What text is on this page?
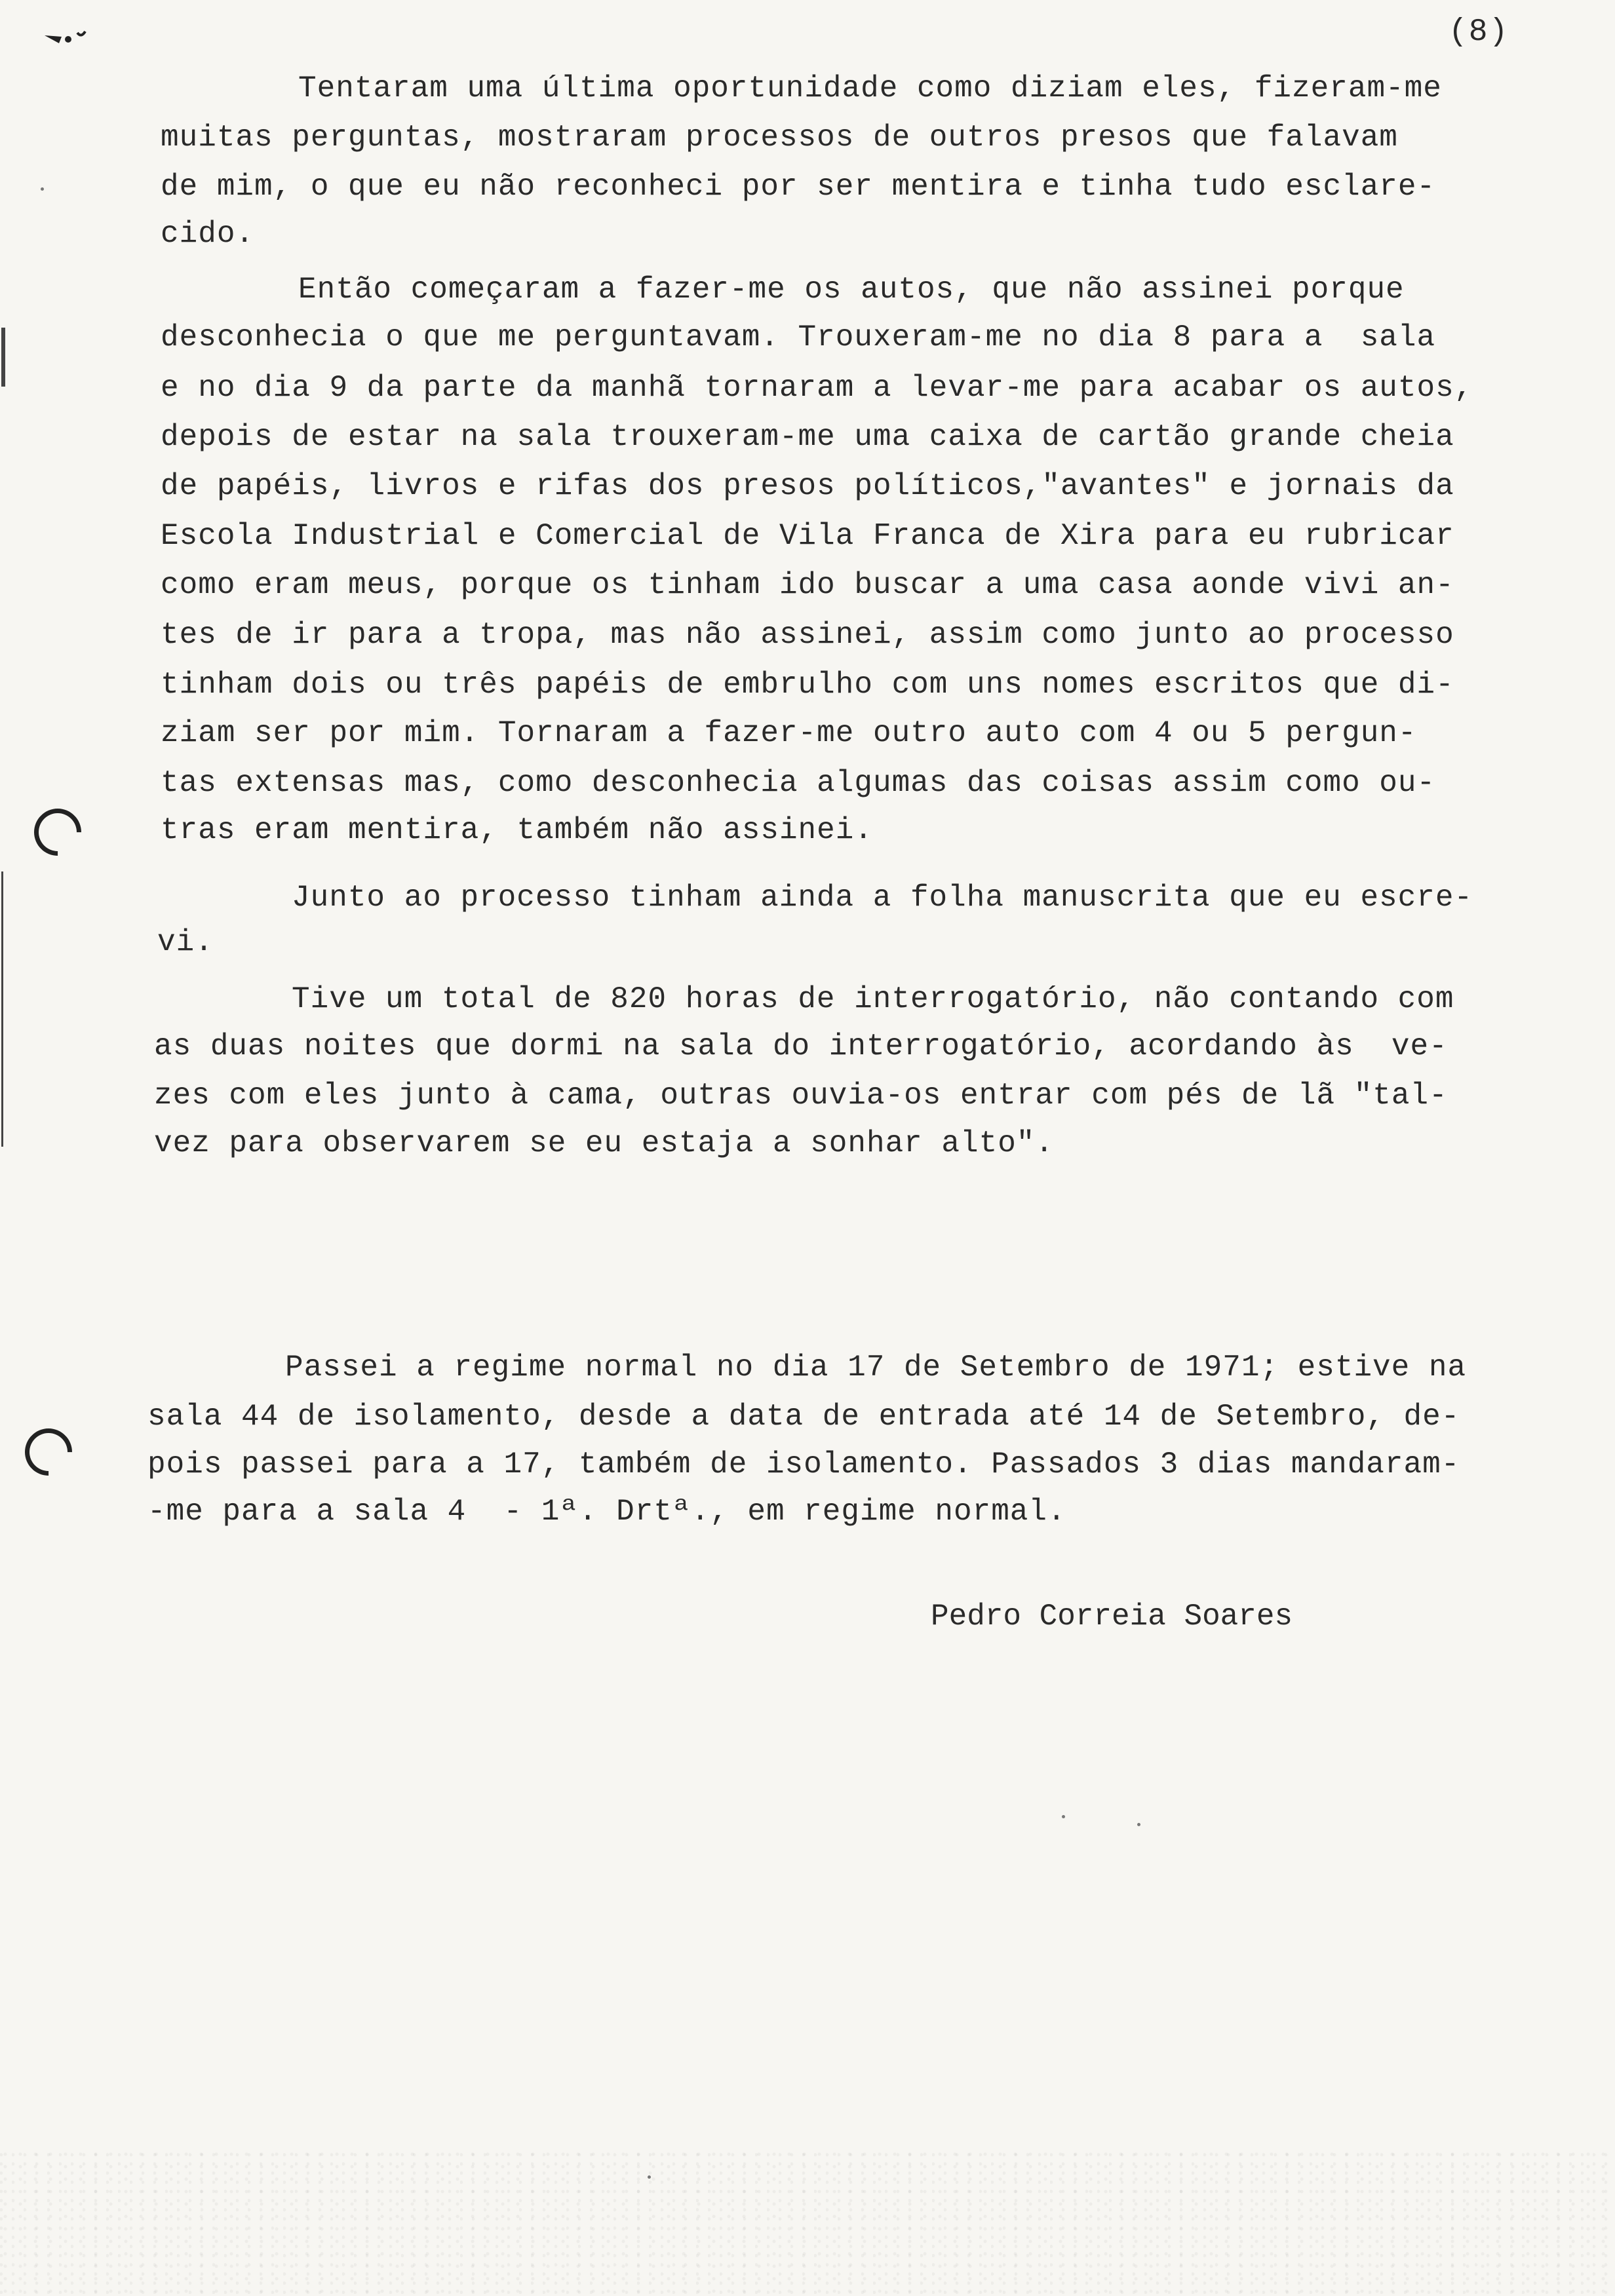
(8)
Tentaram uma última oportunidade como diziam eles, fizeram-me
muitas perguntas, mostraram processos de outros presos que falavam
de mim, o que eu não reconheci por ser mentira e tinha tudo esclare-
cido.
Então começaram a fazer-me os autos, que não assinei porque
desconhecia o que me perguntavam. Trouxeram-me no dia 8 para a  sala
e no dia 9 da parte da manhã tornaram a levar-me para acabar os autos,
depois de estar na sala trouxeram-me uma caixa de cartão grande cheia
de papéis, livros e rifas dos presos políticos,"avantes" e jornais da
Escola Industrial e Comercial de Vila Franca de Xira para eu rubricar
como eram meus, porque os tinham ido buscar a uma casa aonde vivi an-
tes de ir para a tropa, mas não assinei, assim como junto ao processo
tinham dois ou três papéis de embrulho com uns nomes escritos que di-
ziam ser por mim. Tornaram a fazer-me outro auto com 4 ou 5 pergun-
tas extensas mas, como desconhecia algumas das coisas assim como ou-
tras eram mentira, também não assinei.
Junto ao processo tinham ainda a folha manuscrita que eu escre-
vi.
Tive um total de 820 horas de interrogatório, não contando com
as duas noites que dormi na sala do interrogatório, acordando às  ve-
zes com eles junto à cama, outras ouvia-os entrar com pés de lã "tal-
vez para observarem se eu estaja a sonhar alto".
Passei a regime normal no dia 17 de Setembro de 1971; estive na
sala 44 de isolamento, desde a data de entrada até 14 de Setembro, de-
pois passei para a 17, também de isolamento. Passados 3 dias mandaram-
-me para a sala 4  - 1ª. Drtª., em regime normal.
Pedro Correia Soares
